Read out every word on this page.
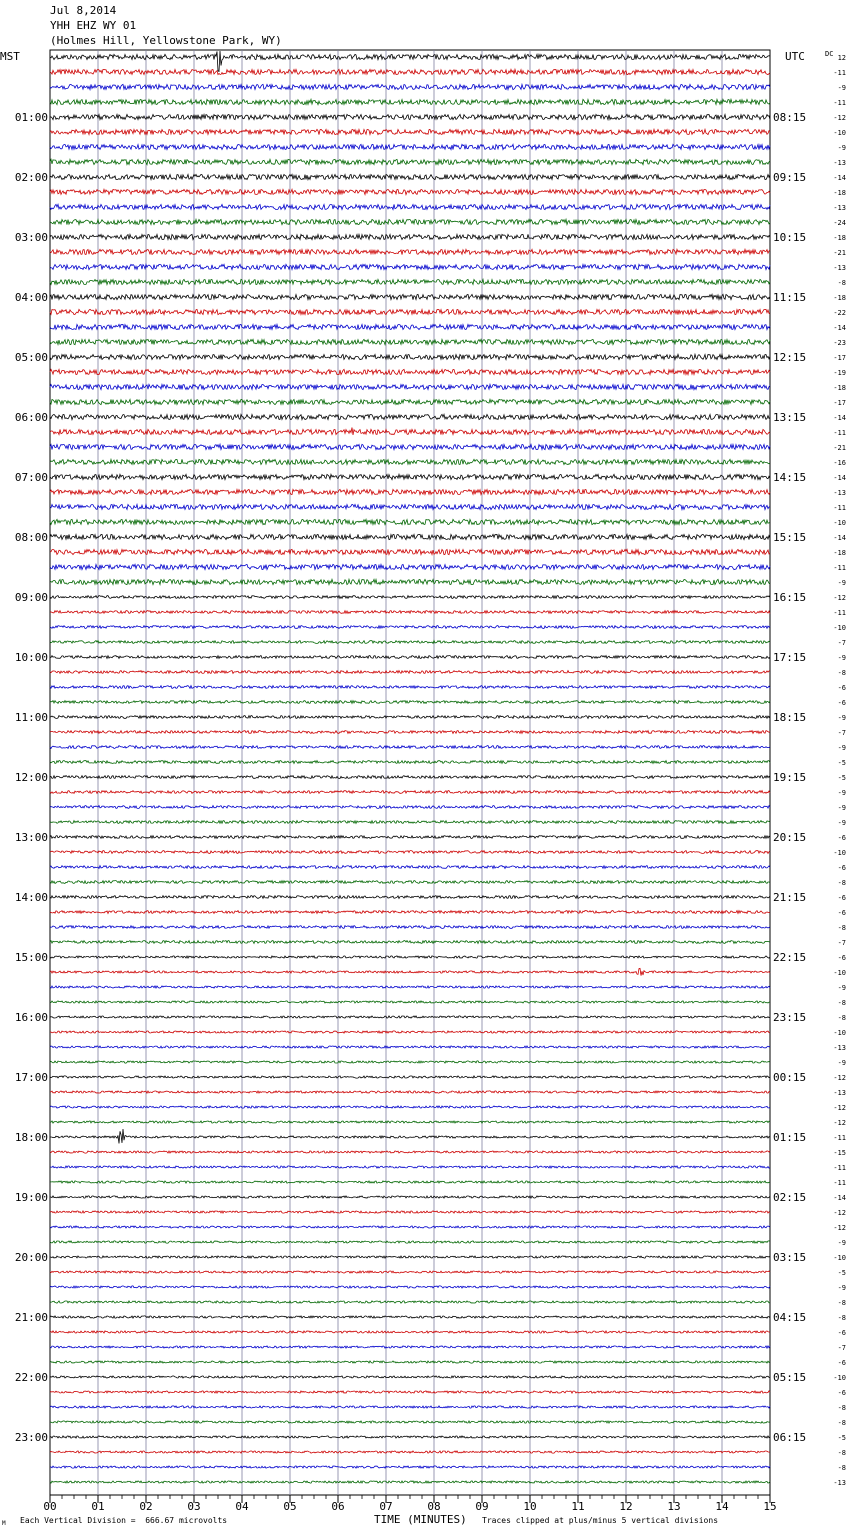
Jul 8,2014
YHH EHZ WY 01
(Holmes Hill, Yellowstone Park, WY)
MST	UTC	DC 12
-11
-9
-11
-12
-10
-9
-13
-14
-18
-13
-24
-18
-21
-13
-8
-18
-22
-14
-23
-17
-19
-18
-17
-14
-11
-21
-16
-14
-13
-11
-10
-14
-18
-11
-9
-12
-11
-10
-7
-9
-8
-6
-6
-9
-7
-9
-5
-5
-9
-9
-9
-6
-10
-6
-8
-6
-6
-8
-7
-6
-10
-9
-8
-8
-10
-13
-9
-12
-13
-12
-12
-11
-15
-11
-11
-14
-12
-12
-9
-10
-5
-9
-8
-8
-6
-7
-6
-10
-6
-8
-8
-5
-8
-8
-13
01:00
02:00
03:00
04:00
05:00
06:00
07:00
08:00
09:00
10:00
11:00
12:00
13:00
14:00
15:00
16:00
17:00
18:00
19:00
20:00
21:00
22:00
23:00
08:15
09:15
10:15
11:15
12:15
13:15
14:15
15:15
16:15
17:15
18:15
19:15
20:15
21:15
22:15
23:15
00:15
01:15
02:15
03:15
04:15
05:15
06:15
00	01	02	03	04	05	06	07	08	09	10	11	12	13	14	15
M Each Vertical Division =  666.67 microvolts	TIME (MINUTES) Traces clipped at plus/minus 5 vertical divisions
